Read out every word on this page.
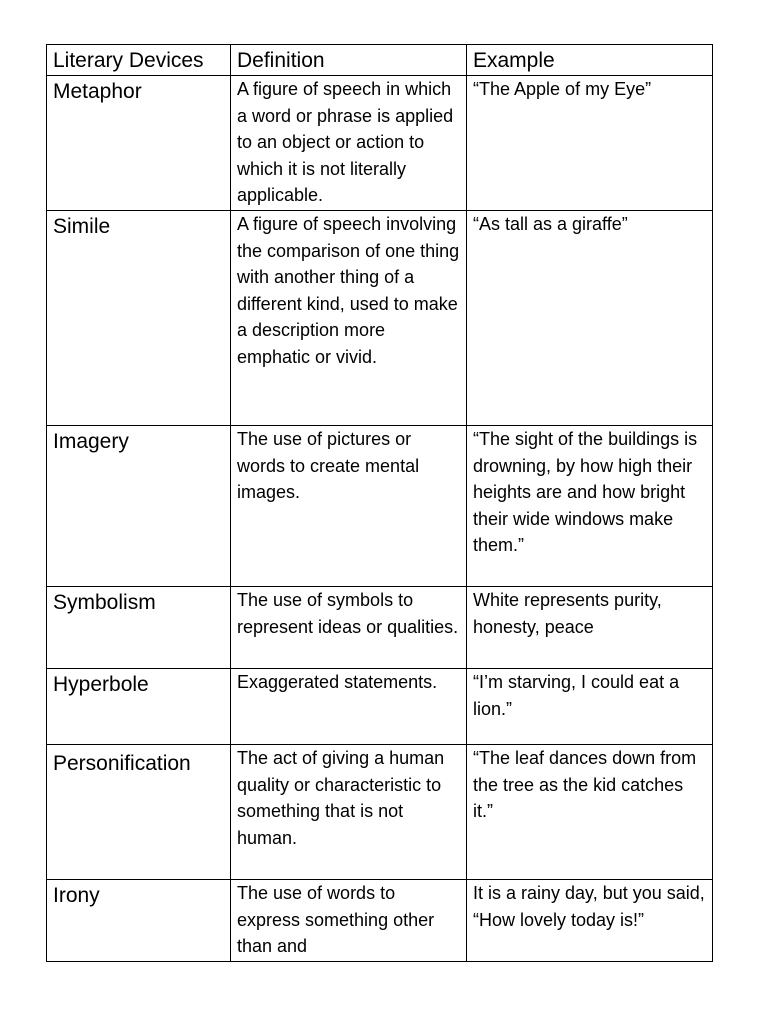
Literary Devices	Definition	Example
Metaphor	A figure of speech in which a word or phrase is applied to an object or action to which it is not literally applicable.	“The Apple of my Eye”
Simile	A figure of speech involving the comparison of one thing with another thing of a different kind, used to make a description more emphatic or vivid.	“As tall as a giraffe”
Imagery	The use of pictures or words to create mental images.	“The sight of the buildings is drowning, by how high their heights are and how bright their wide windows make them.”
Symbolism	The use of symbols to represent ideas or qualities.	White represents purity, honesty, peace
Hyperbole	Exaggerated statements.	“I’m starving, I could eat a lion.”
Personification	The act of giving a human quality or characteristic to something that is not human.	“The leaf dances down from the tree as the kid catches it.”
Irony	The use of words to express something other than and	It is a rainy day, but you said, “How lovely today is!”
